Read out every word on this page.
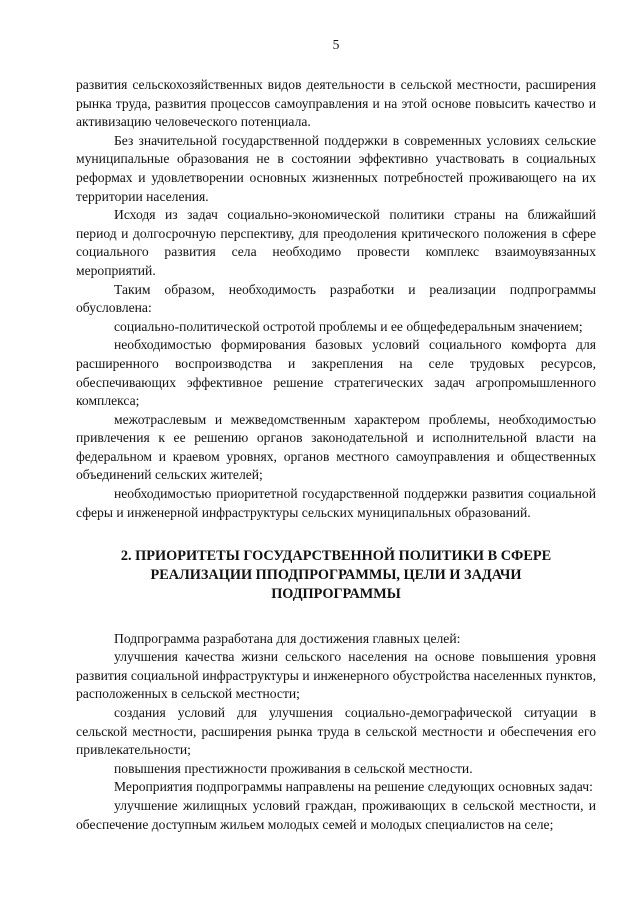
5

развития сельскохозяйственных видов деятельности в сельской местности, расширения рынка труда, развития процессов самоуправления и на этой основе повысить качество и активизацию человеческого потенциала.

Без значительной государственной поддержки в современных условиях сельские муниципальные образования не в состоянии эффективно участвовать в социальных реформах и удовлетворении основных жизненных потребностей проживающего на их территории населения.

Исходя из задач социально-экономической политики страны на ближайший период и долгосрочную перспективу, для преодоления критического положения в сфере социального развития села необходимо провести комплекс взаимоувязанных мероприятий.

Таким образом, необходимость разработки и реализации подпрограммы обусловлена:

социально-политической остротой проблемы и ее общефедеральным значением;

необходимостью формирования базовых условий социального комфорта для расширенного воспроизводства и закрепления на селе трудовых ресурсов, обеспечивающих эффективное решение стратегических задач агропромышленного комплекса;

межотраслевым и межведомственным характером проблемы, необходимостью привлечения к ее решению органов законодательной и исполнительной власти на федеральном и краевом уровнях, органов местного самоуправления и общественных объединений сельских жителей;

необходимостью приоритетной государственной поддержки развития социальной сферы и инженерной инфраструктуры сельских муниципальных образований.

2. ПРИОРИТЕТЫ ГОСУДАРСТВЕННОЙ ПОЛИТИКИ В СФЕРЕ
РЕАЛИЗАЦИИ ППОДПРОГРАММЫ, ЦЕЛИ И ЗАДАЧИ
ПОДПРОГРАММЫ

Подпрограмма разработана для достижения главных целей:

улучшения качества жизни сельского населения на основе повышения уровня развития социальной инфраструктуры и инженерного обустройства населенных пунктов, расположенных в сельской местности;

создания условий для улучшения социально-демографической ситуации в сельской местности, расширения рынка труда в сельской местности и обеспечения его привлекательности;

повышения престижности проживания в сельской местности.

Мероприятия подпрограммы направлены на решение следующих основных задач:

улучшение жилищных условий граждан, проживающих в сельской местности, и обеспечение доступным жильем молодых семей и молодых специалистов на селе;
